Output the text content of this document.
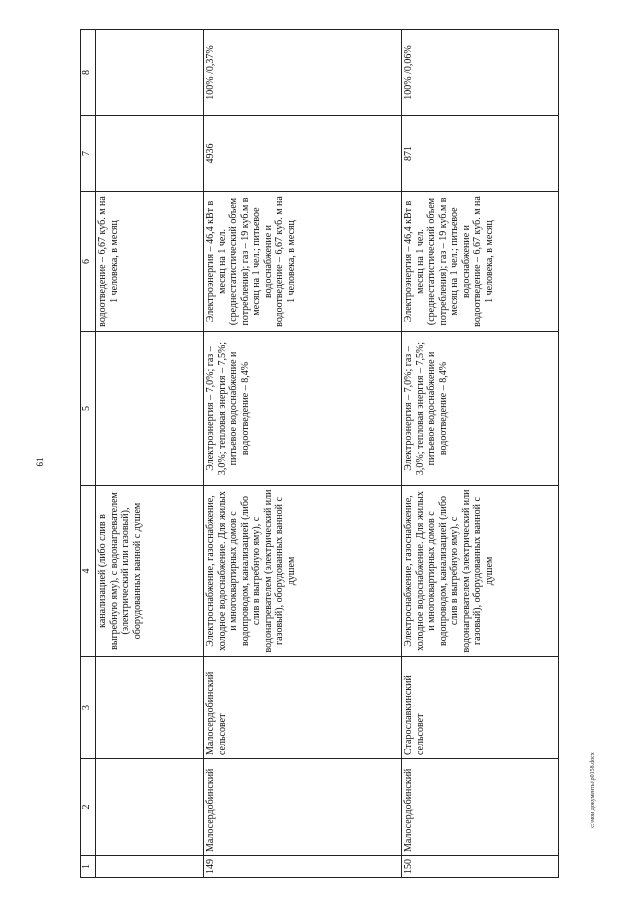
61
1	2	3	4	5	6	7	8
			канализацией (либо слив в выгребную яму), с водонагревателем (электрический или газовый), оборудованных ванной с душем		водоотведение – 6,67 куб. м на 1 человека, в месяц		
149	Малосердобинский	Малосердобинский сельсовет	Электроснабжение, газоснабжение, холодное водоснабжение. Для жилых и многоквартирных домов с водопроводом, канализацией (либо слив в выгребную яму), с водонагревателем (электрический или газовый), оборудованных ванной с душем	Электроэнергия – 7,0%; газ – 3,0%; тепловая энергия – 7,5%; питьевое водоснабжение и водоотведение – 8,4%	Электроэнергия – 46,4 кВт в месяц на 1 чел. (среднестатистический объем потребления); газ – 19 куб.м в месяц на 1 чел.; питьевое водоснабжение и водоотведение – 6,67 куб. м на 1 человека, в месяц	4936	100% /0,37%
150	Малосердобинский	Старославкинский сельсовет	Электроснабжение, газоснабжение, холодное водоснабжение. Для жилых и многоквартирных домов с водопроводом, канализацией (либо слив в выгребную яму), с водонагревателем (электрический или газовый), оборудованных ванной с душем	Электроэнергия – 7,0%; газ – 3,0%; тепловая энергия – 7,5%; питьевое водоснабжение и водоотведение – 8,4%	Электроэнергия – 46,4 кВт в месяц на 1 чел. (среднестатистический объем потребления); газ – 19 куб.м в месяц на 1 чел.; питьевое водоснабжение и водоотведение – 6,67 куб. м на 1 человека, в месяц	871	100% /0,06%
c:\мои документы\р0158.docx
